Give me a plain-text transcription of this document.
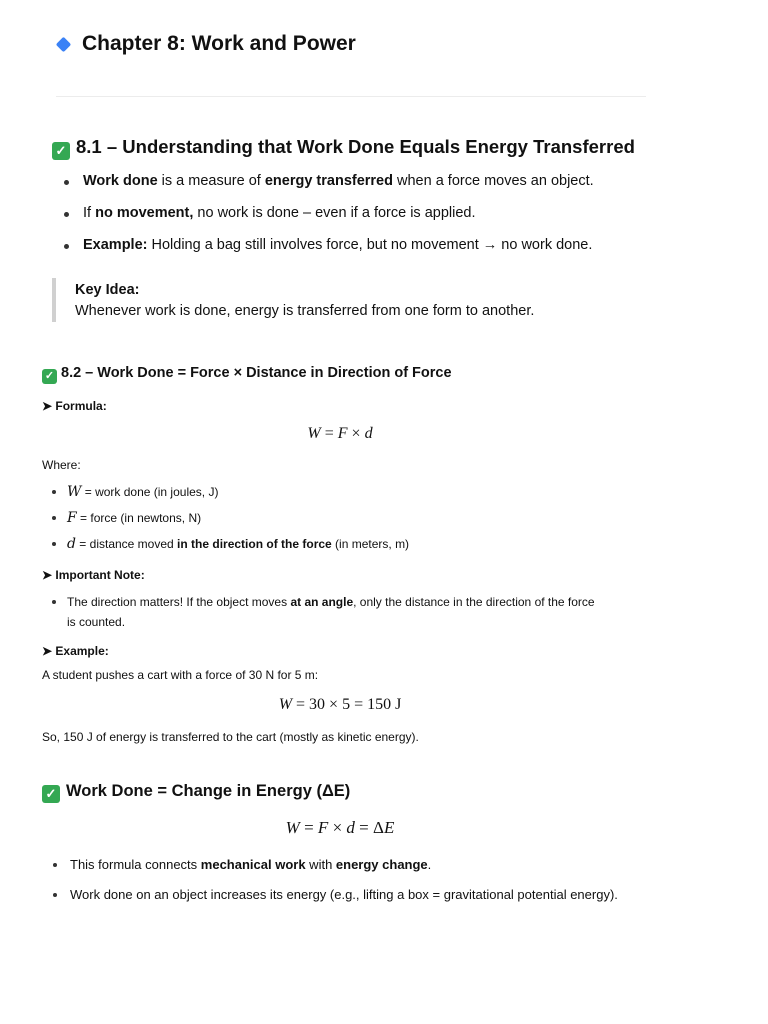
Chapter 8: Work and Power
✓ 8.1 – Understanding that Work Done Equals Energy Transferred
Work done is a measure of energy transferred when a force moves an object.
If no movement, no work is done – even if a force is applied.
Example: Holding a bag still involves force, but no movement → no work done.
Key Idea:
Whenever work is done, energy is transferred from one form to another.
✓ 8.2 – Work Done = Force × Distance in Direction of Force
➤ Formula:
W = F × d
Where:
W = work done (in joules, J)
F = force (in newtons, N)
d = distance moved in the direction of the force (in meters, m)
➤ Important Note:
The direction matters! If the object moves at an angle, only the distance in the direction of the force
is counted.
➤ Example:
A student pushes a cart with a force of 30 N for 5 m:
W = 30 × 5 = 150 J
So, 150 J of energy is transferred to the cart (mostly as kinetic energy).
✓ Work Done = Change in Energy (ΔE)
W = F × d = ΔE
This formula connects mechanical work with energy change.
Work done on an object increases its energy (e.g., lifting a box = gravitational potential energy).
